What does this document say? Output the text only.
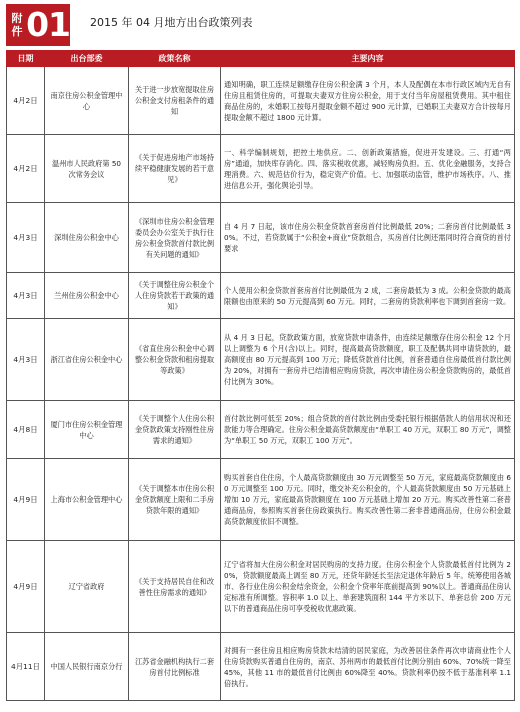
附件 01 2015 年 04 月地方出台政策列表
日期	出台部委	政策名称	主要内容
4月2日	南京住房公积金管理中心	关于进一步放宽提取住房公积金支付房租条件的通知	通知明确，职工连续足额缴存住房公积金满 3 个月，本人及配偶在本市行政区域内无自有住房且租赁住房的，可提取夫妻双方住房公积金，用于支付当年房屋租赁费用。其中租住商品住房的，未婚职工按每月提取金额不超过 900 元计算，已婚职工夫妻双方合计按每月提取金额不超过 1800 元计算。
4月2日	温州市人民政府第 50 次常务会议	《关于促进房地产市场持续平稳健康发展的若干意见》	一、科学编制规划，把控土地供应。二、创新政策措施，促进开发建设。三、打通“两房”通道，加快库存消化。四、落实税收优惠，减轻购房负担。五、优化金融服务，支持合理消费。六、规范估价行为，稳定资产价值。七、加强联动监管，维护市场秩序。八、推进信息公开，强化舆论引导。
4月3日	深圳住房公积金中心	《深圳市住房公积金管理委员会办公室关于执行住房公积金贷款首付款比例有关问题的通知》	自 4 月 7 日起，该市住房公积金贷款首套房首付比例最低 20%；二套房首付比例最低 30%。不过，若贷款属于“公积金+商业”贷款组合，买房首付比例还需同时符合商贷的首付要求
4月3日	兰州住房公积金中心	《关于调整住房公积金个人住房贷款若干政策的通知》	个人使用公积金贷款首套房首付比例最低为 2 成，二套房最低为 3 成。公积金贷款的最高限额也由原来的 50 万元提高到 60 万元。同时，二套房的贷款利率也下调到首套房一致。
4月3日	浙江省住房公积金中心	《省直住房公积金中心调整公积金贷款和租房提取等政策》	从 4 月 3 日起，贷款政策方面，放宽贷款申请条件，由连续足额缴存住房公积金 12 个月以上调整为 6 个月(含)以上。同时，提高最高贷款额度，职工及配偶共同申请贷款的，最高额度由 80 万元提高到 100 万元；降低贷款首付比例，首套普通自住房最低首付款比例为 20%，对拥有一套房并已结清相应购房贷款，再次申请住房公积金贷款购房的，最低首付比例为 30%。
4月8日	厦门市住房公积金管理中心	《关于调整个人住房公积金贷款政策支持刚性住房需求的通知》	首付款比例可低至 20%；组合贷款的首付款比例由受委托银行根据借款人的信用状况和还款能力等合理确定。住房公积金最高贷款额度由“单职工 40 万元，双职工 80 万元”，调整为“单职工 50 万元，双职工 100 万元”。
4月9日	上海市公积金管理中心	《关于调整本市住房公积金贷款额度上限和二手房贷款年限的通知》	购买首套自住住房，个人最高贷款额度由 30 万元调整至 50 万元，家庭最高贷款额度由 60 万元调整至 100 万元。同时，缴交补充公积金的，个人最高贷款额度由 50 万元基础上增加 10 万元，家庭最高贷款额度在 100 万元基础上增加 20 万元。购买改善性第二套普通商品房，参照购买首套住房政策执行。购买改善性第二套非普通商品房，住房公积金最高贷款额度依旧不调整。
4月9日	辽宁省政府	《关于支持居民自住和改善性住房需求的通知》	辽宁省将加大住房公积金对居民购房的支持力度。住房公积金个人贷款最低首付比例为 20%，贷款额度最高上调至 80 万元，还贷年龄延长至法定退休年龄后 5 年。统筹使用各城市、各行业住房公积金结余资金，公积金个贷率年底前提高到 90%以上。普通商品住房认定标准有所调整。容积率 1.0 以上、单套建筑面积 144 平方米以下、单套总价 200 万元以下的普通商品住房可享受税收优惠政策。
4月11日	中国人民银行南京分行	江苏省金融机构执行二套房首付比例标准	对拥有一套住房且相应购房贷款未结清的居民家庭，为改善居住条件再次申请商业性个人住房贷款购买普通自住房的，南京、苏州两市的最低首付比例分别由 60%、70%统一降至 45%，其他 11 市的最低首付比例由 60%降至 40%。贷款利率仍按不低于基准利率 1.1 倍执行。
